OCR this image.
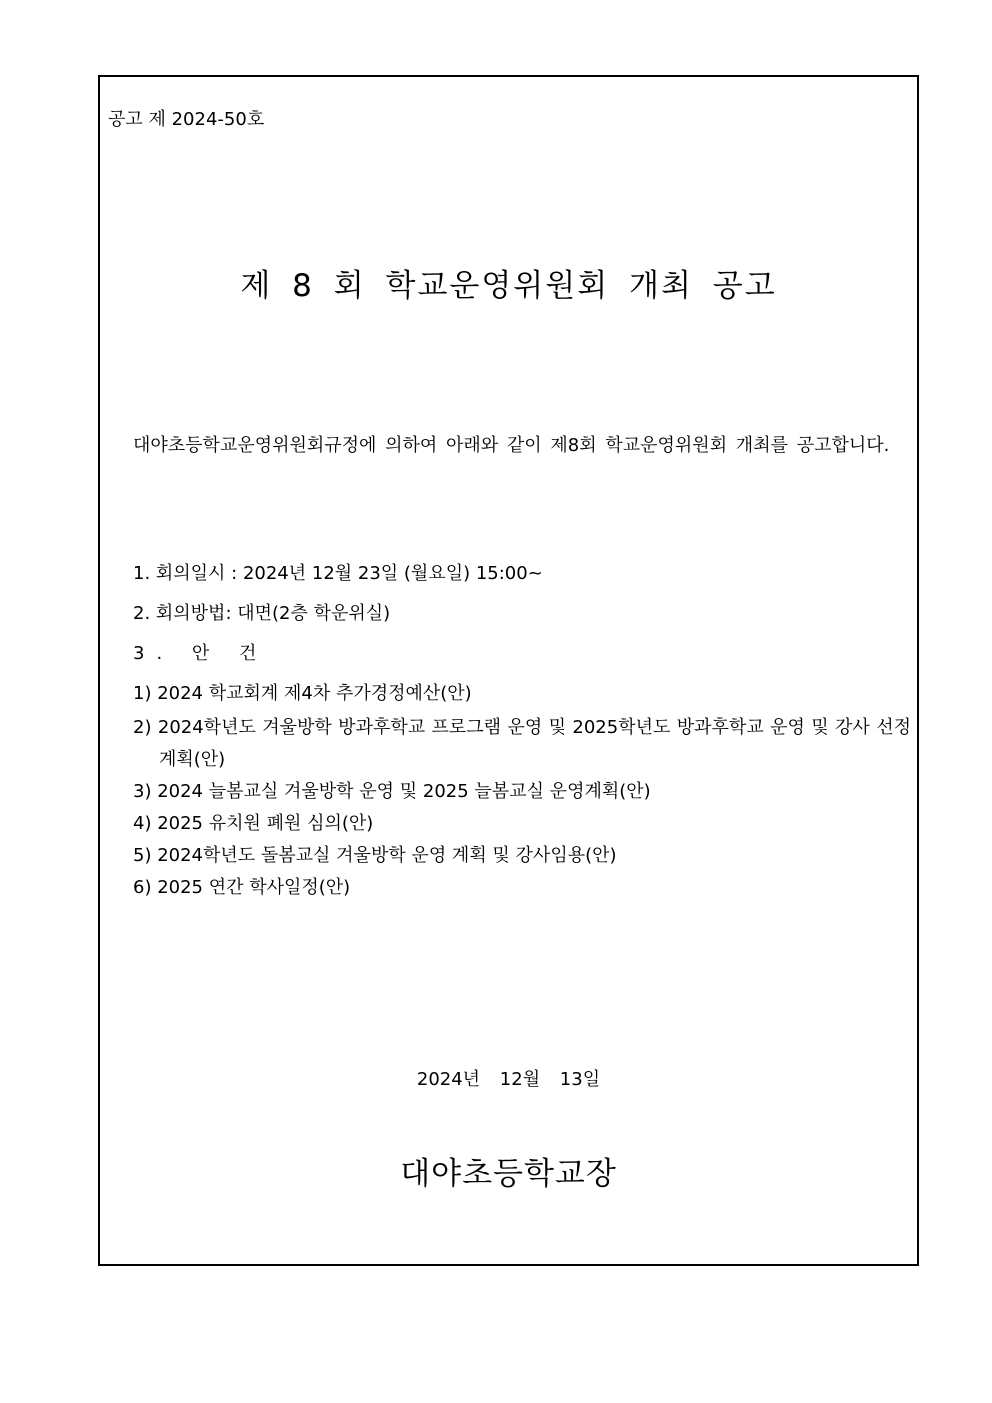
공고 제 2024-50호
제 8 회 학교운영위원회 개최 공고
대야초등학교운영위원회규정에 의하여 아래와 같이 제8회 학교운영위원회 개최를 공고합니다.
1. 회의일시 : 2024년 12월 23일 (월요일) 15:00~
2. 회의방법: 대면(2층 학운위실)
3. 안 건
1) 2024 학교회계 제4차 추가경정예산(안)
2) 2024학년도 겨울방학 방과후학교 프로그램 운영 및 2025학년도 방과후학교 운영 및 강사 선정계획(안)
3) 2024 늘봄교실 겨울방학 운영 및 2025 늘봄교실 운영계획(안)
4) 2025 유치원 폐원 심의(안)
5) 2024학년도 돌봄교실 겨울방학 운영 계획 및 강사임용(안)
6) 2025 연간 학사일정(안)
2024년 12월 13일
대야초등학교장
